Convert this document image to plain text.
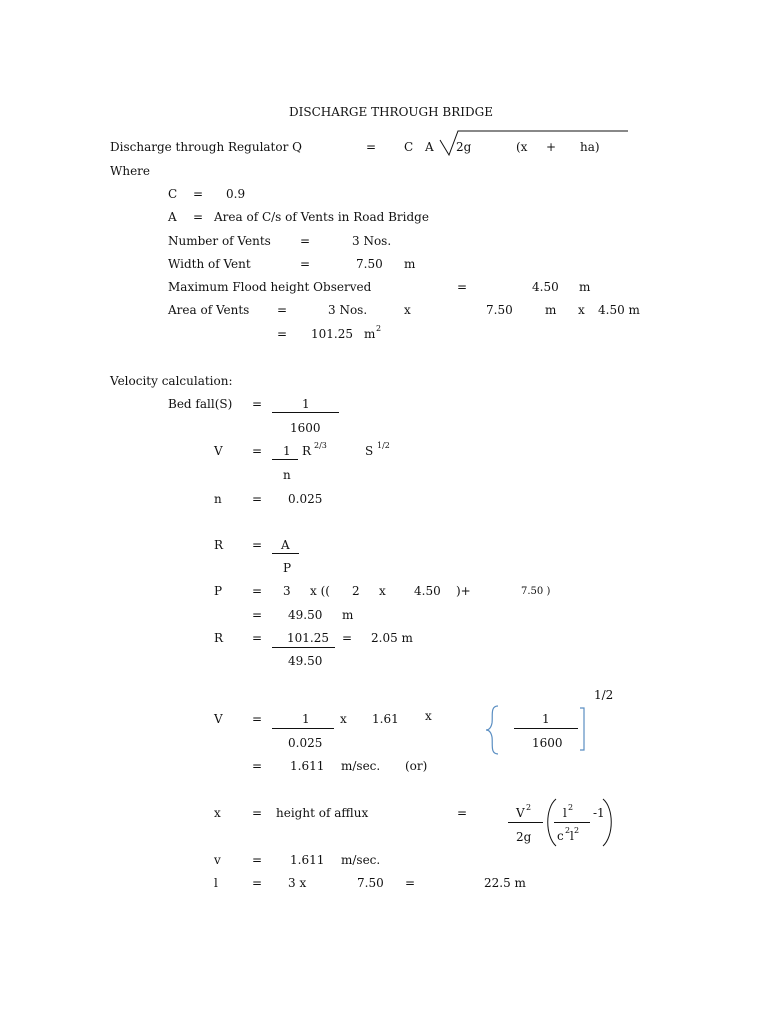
DISCHARGE THROUGH BRIDGE
Discharge through Regulator Q	= C A 2g	(x + ha)
Where
C = 0.9
A = Area of C/s of Vents in Road Bridge
Number of Vents =	3 Nos.
Width of Vent	=	7.50 m
Maximum Flood height Observed	=	4.50 m
Area of Vents =	3 Nos.	x	7.50	m x 4.50 m
= 101.25 m 2
Velocity calculation:
Bed fall(S) =	1
1600
V = 1
n
R 2/3	S 1/2
n	= 0.025
R = A
P
P = 3 x (( 2 x 4.50 )+	7.50 )
= 49.50 m
R = 101.25 = 2.05 m
49.50
1/2
V =	1	x 1.61 x	1
0.025	1600
= 1.611 m/sec. (or)
x	= height of afflux	=	V 2	l 2 -1
2g c 2 l 2
v	= 1.611 m/sec.
l	= 3 x	7.50 =	22.5 m
